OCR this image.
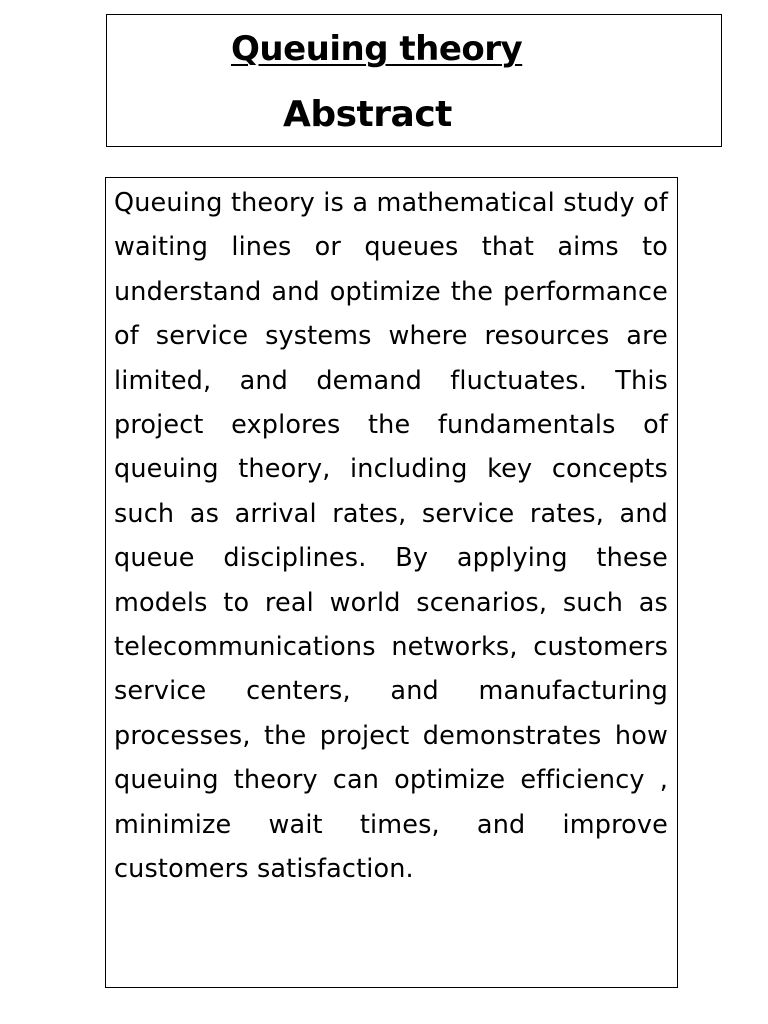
Queuing theory
Abstract

Queuing theory is a mathematical study of waiting lines or queues that aims to understand and optimize the performance of service systems where resources are limited, and demand fluctuates. This project explores the fundamentals of queuing theory, including key concepts such as arrival rates, service rates, and queue disciplines. By applying these models to real world scenarios, such as telecommunications networks, customers service centers, and manufacturing processes, the project demonstrates how queuing theory can optimize efficiency , minimize wait times, and improve customers satisfaction.
